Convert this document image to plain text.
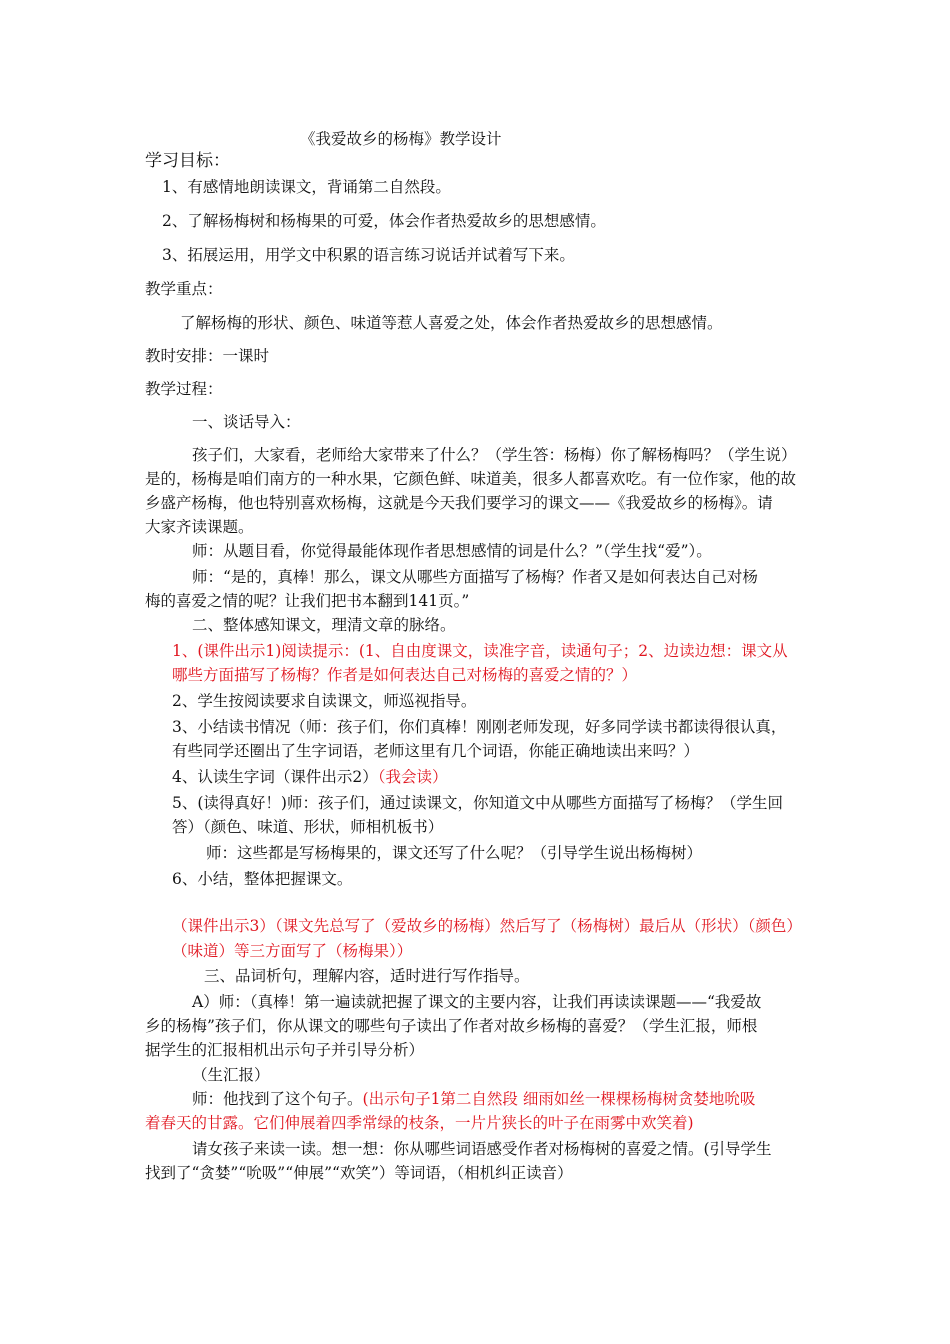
《我爱故乡的杨梅》教学设计
学习目标：
1、有感情地朗读课文，背诵第二自然段。
2、了解杨梅树和杨梅果的可爱，体会作者热爱故乡的思想感情。
3、拓展运用，用学文中积累的语言练习说话并试着写下来。
教学重点：
了解杨梅的形状、颜色、味道等惹人喜爱之处，体会作者热爱故乡的思想感情。
教时安排：一课时
教学过程：
一、谈话导入：
孩子们，大家看，老师给大家带来了什么？（学生答：杨梅）你了解杨梅吗？（学生说）
是的，杨梅是咱们南方的一种水果，它颜色鲜、味道美，很多人都喜欢吃。有一位作家，他的故
乡盛产杨梅，他也特别喜欢杨梅，这就是今天我们要学习的课文——《我爱故乡的杨梅》。请
大家齐读课题。
师：从题目看，你觉得最能体现作者思想感情的词是什么？”（学生找“爱”）。
师：“是的，真棒！那么，课文从哪些方面描写了杨梅？作者又是如何表达自己对杨
梅的喜爱之情的呢？让我们把书本翻到141页。”
二、整体感知课文，理清文章的脉络。
1、(课件出示1)阅读提示：(1、自由度课文，读准字音，读通句子；2、边读边想：课文从
哪些方面描写了杨梅？作者是如何表达自己对杨梅的喜爱之情的？）
2、学生按阅读要求自读课文，师巡视指导。
3、小结读书情况（师：孩子们，你们真棒！刚刚老师发现，好多同学读书都读得很认真，
有些同学还圈出了生字词语，老师这里有几个词语，你能正确地读出来吗？）
4、认读生字词（课件出示2）（我会读）
5、(读得真好！)师：孩子们，通过读课文，你知道文中从哪些方面描写了杨梅？（学生回
答）（颜色、味道、形状，师相机板书）
师：这些都是写杨梅果的，课文还写了什么呢？（引导学生说出杨梅树）
6、小结，整体把握课文。
（课件出示3）（课文先总写了（爱故乡的杨梅）然后写了（杨梅树）最后从（形状）（颜色）
（味道）等三方面写了（杨梅果））
三、品词析句，理解内容，适时进行写作指导。
A）师：（真棒！第一遍读就把握了课文的主要内容，让我们再读读课题——“我爱故
乡的杨梅”孩子们，你从课文的哪些句子读出了作者对故乡杨梅的喜爱？（学生汇报，师根
据学生的汇报相机出示句子并引导分析）
（生汇报）
师：他找到了这个句子。(出示句子1第二自然段 细雨如丝一棵棵杨梅树贪婪地吮吸
着春天的甘露。它们伸展着四季常绿的枝条，一片片狭长的叶子在雨雾中欢笑着)
请女孩子来读一读。想一想：你从哪些词语感受作者对杨梅树的喜爱之情。(引导学生
找到了“贪婪”“吮吸”“伸展”“欢笑”）等词语，（相机纠正读音）
